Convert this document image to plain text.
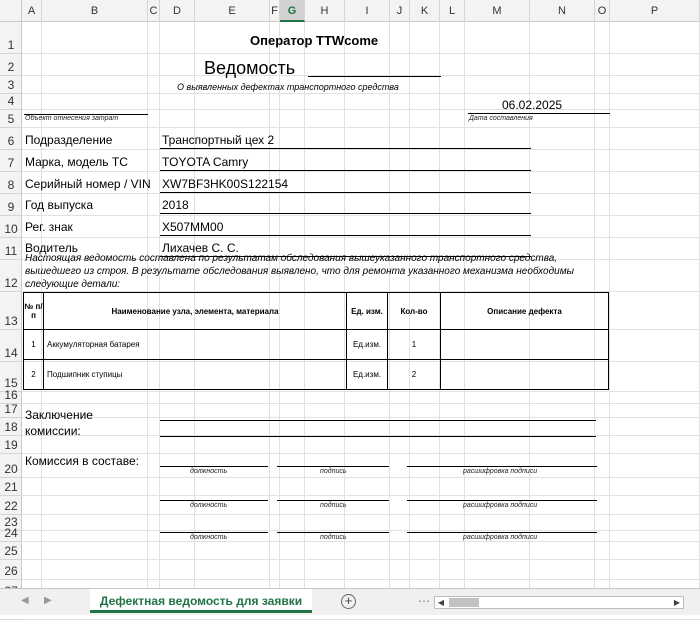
A	B	C	D	E	F G	H	I	J	K	L	M	N	O	P
1
2
3
4
5
6
7
8
9
10
11
12
13
14
15
16
17
18
19
20
21
22
23
24
25
26
Оператор TTWcome
Ведомость
О выявленных дефектах транспортного средства
Объект отнесения затрат
06.02.2025
Дата составления
Подразделение	Транспортный цех 2
Марка, модель ТС	TOYOTA Camry
Серийный номер / VIN XW7BF3HK00S122154
Год выпуска	2018
Рег. знак	X507MM00
Водитель	Лихачев С. С.
Настоящая ведомость составлена по результатам обследования вышеуказанного транспортного средства, вышедшего из строя. В результате обследования выявлено, что для ремонта указанного механизма необходимы следующие детали:
№ п/п	Наименование узла, элемента, материала	Ед. изм.	Кол-во	Описание дефекта
1	Аккумуляторная батарея	Ед.изм.	1	
2	Подшипник ступицы	Ед.изм.	2	
Заключение комиссии:
Комиссия в составе:
должность	подпись	расшифровка подписи
должность	подпись	расшифровка подписи
должность	подпись	расшифровка подписи
◀ ▶	Дефектная ведомость для заявки	+	⋯ ◀	▶
